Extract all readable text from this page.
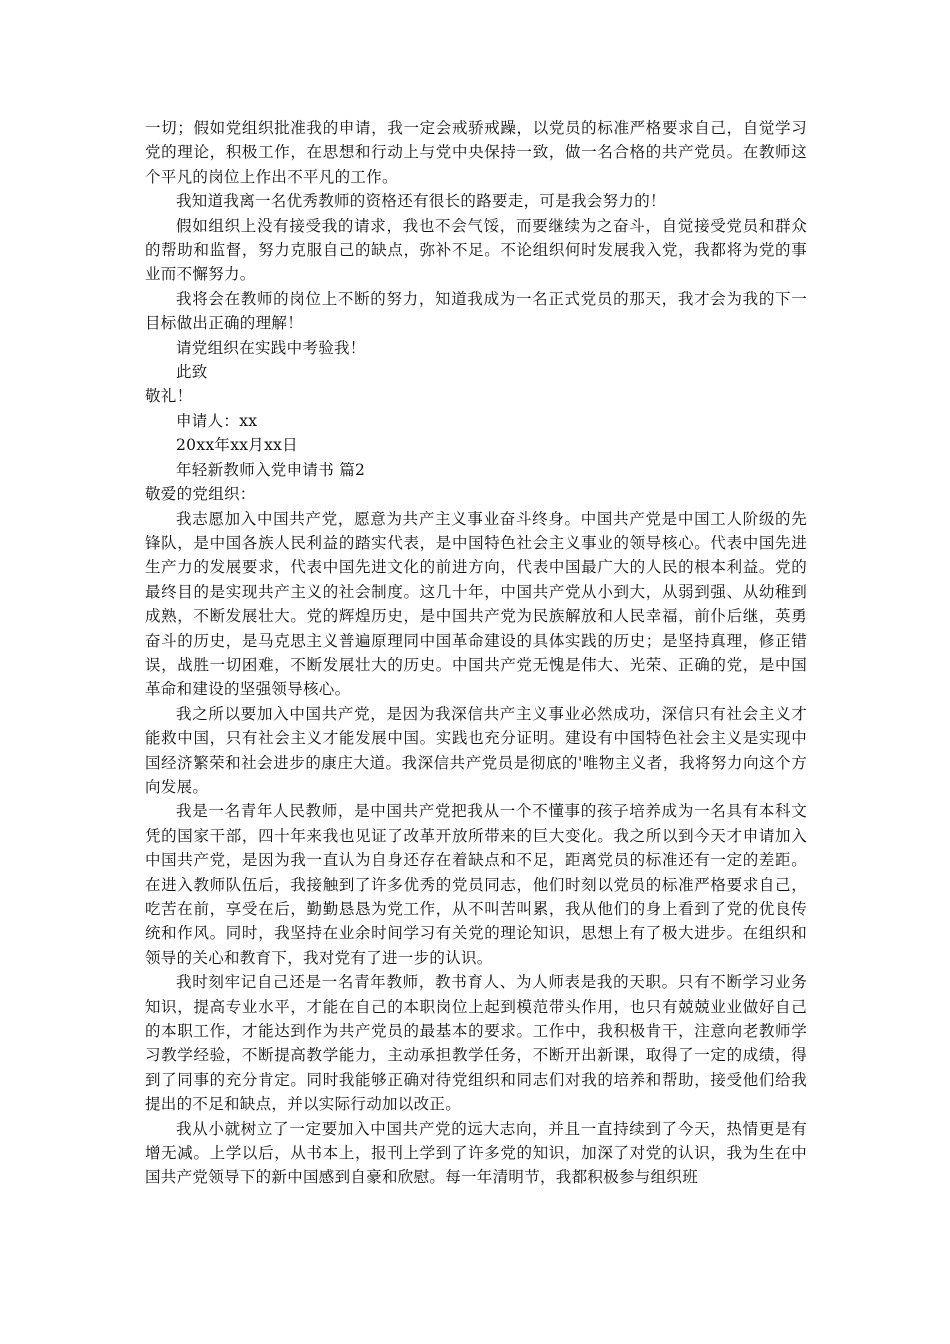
一切；假如党组织批准我的申请，我一定会戒骄戒躁，以党员的标准严格要求自己，自觉学习党的理论，积极工作，在思想和行动上与党中央保持一致，做一名合格的共产党员。在教师这个平凡的岗位上作出不平凡的工作。

我知道我离一名优秀教师的资格还有很长的路要走，可是我会努力的！

假如组织上没有接受我的请求，我也不会气馁，而要继续为之奋斗，自觉接受党员和群众的帮助和监督，努力克服自己的缺点，弥补不足。不论组织何时发展我入党，我都将为党的事业而不懈努力。

我将会在教师的岗位上不断的努力，知道我成为一名正式党员的那天，我才会为我的下一目标做出正确的理解！

请党组织在实践中考验我！

此致

敬礼！

申请人：xx

20xx年xx月xx日

年轻新教师入党申请书 篇2

敬爱的党组织：

我志愿加入中国共产党，愿意为共产主义事业奋斗终身。中国共产党是中国工人阶级的先锋队，是中国各族人民利益的踏实代表，是中国特色社会主义事业的领导核心。代表中国先进生产力的发展要求，代表中国先进文化的前进方向，代表中国最广大的人民的根本利益。党的最终目的是实现共产主义的社会制度。这几十年，中国共产党从小到大，从弱到强、从幼稚到成熟，不断发展壮大。党的辉煌历史，是中国共产党为民族解放和人民幸福，前仆后继，英勇奋斗的历史，是马克思主义普遍原理同中国革命建设的具体实践的历史；是坚持真理，修正错误，战胜一切困难，不断发展壮大的历史。中国共产党无愧是伟大、光荣、正确的党，是中国革命和建设的坚强领导核心。

我之所以要加入中国共产党，是因为我深信共产主义事业必然成功，深信只有社会主义才能救中国，只有社会主义才能发展中国。实践也充分证明。建设有中国特色社会主义是实现中国经济繁荣和社会进步的康庄大道。我深信共产党员是彻底的'唯物主义者，我将努力向这个方向发展。

我是一名青年人民教师，是中国共产党把我从一个不懂事的孩子培养成为一名具有本科文凭的国家干部，四十年来我也见证了改革开放所带来的巨大变化。我之所以到今天才申请加入中国共产党，是因为我一直认为自身还存在着缺点和不足，距离党员的标准还有一定的差距。在进入教师队伍后，我接触到了许多优秀的党员同志，他们时刻以党员的标准严格要求自己，吃苦在前，享受在后，勤勤恳恳为党工作，从不叫苦叫累，我从他们的身上看到了党的优良传统和作风。同时，我坚持在业余时间学习有关党的理论知识，思想上有了极大进步。在组织和领导的关心和教育下，我对党有了进一步的认识。

我时刻牢记自己还是一名青年教师，教书育人、为人师表是我的天职。只有不断学习业务知识，提高专业水平，才能在自己的本职岗位上起到模范带头作用，也只有兢兢业业做好自己的本职工作，才能达到作为共产党员的最基本的要求。工作中，我积极肯干，注意向老教师学习教学经验，不断提高教学能力，主动承担教学任务，不断开出新课，取得了一定的成绩，得到了同事的充分肯定。同时我能够正确对待党组织和同志们对我的培养和帮助，接受他们给我提出的不足和缺点，并以实际行动加以改正。

我从小就树立了一定要加入中国共产党的远大志向，并且一直持续到了今天，热情更是有增无减。上学以后，从书本上，报刊上学到了许多党的知识，加深了对党的认识，我为生在中国共产党领导下的新中国感到自豪和欣慰。每一年清明节，我都积极参与组织班
